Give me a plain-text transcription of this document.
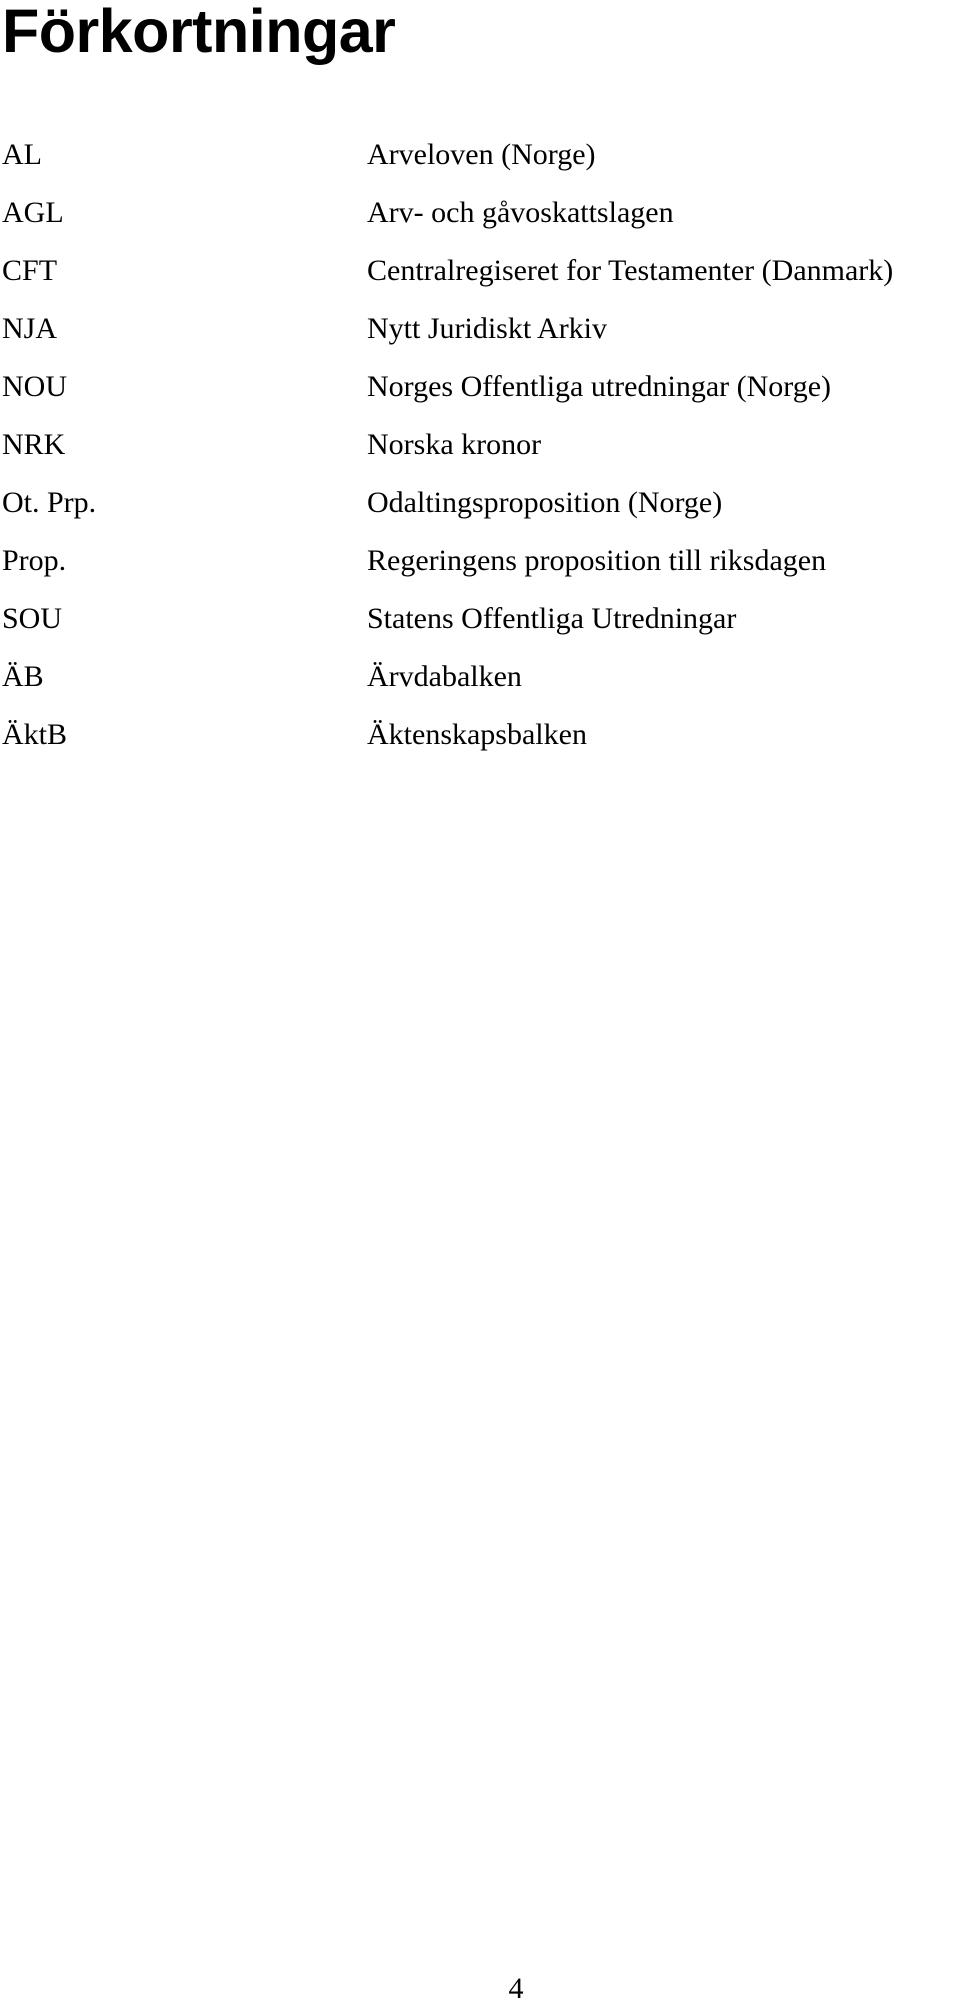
Förkortningar
AL	Arveloven (Norge)
AGL	Arv- och gåvoskattslagen
CFT	Centralregiseret for Testamenter (Danmark)
NJA	Nytt Juridiskt Arkiv
NOU	Norges Offentliga utredningar (Norge)
NRK	Norska kronor
Ot. Prp.	Odaltingsproposition (Norge)
Prop.	Regeringens proposition till riksdagen
SOU	Statens Offentliga Utredningar
ÄB	Ärvdabalken
ÄktB	Äktenskapsbalken
4
